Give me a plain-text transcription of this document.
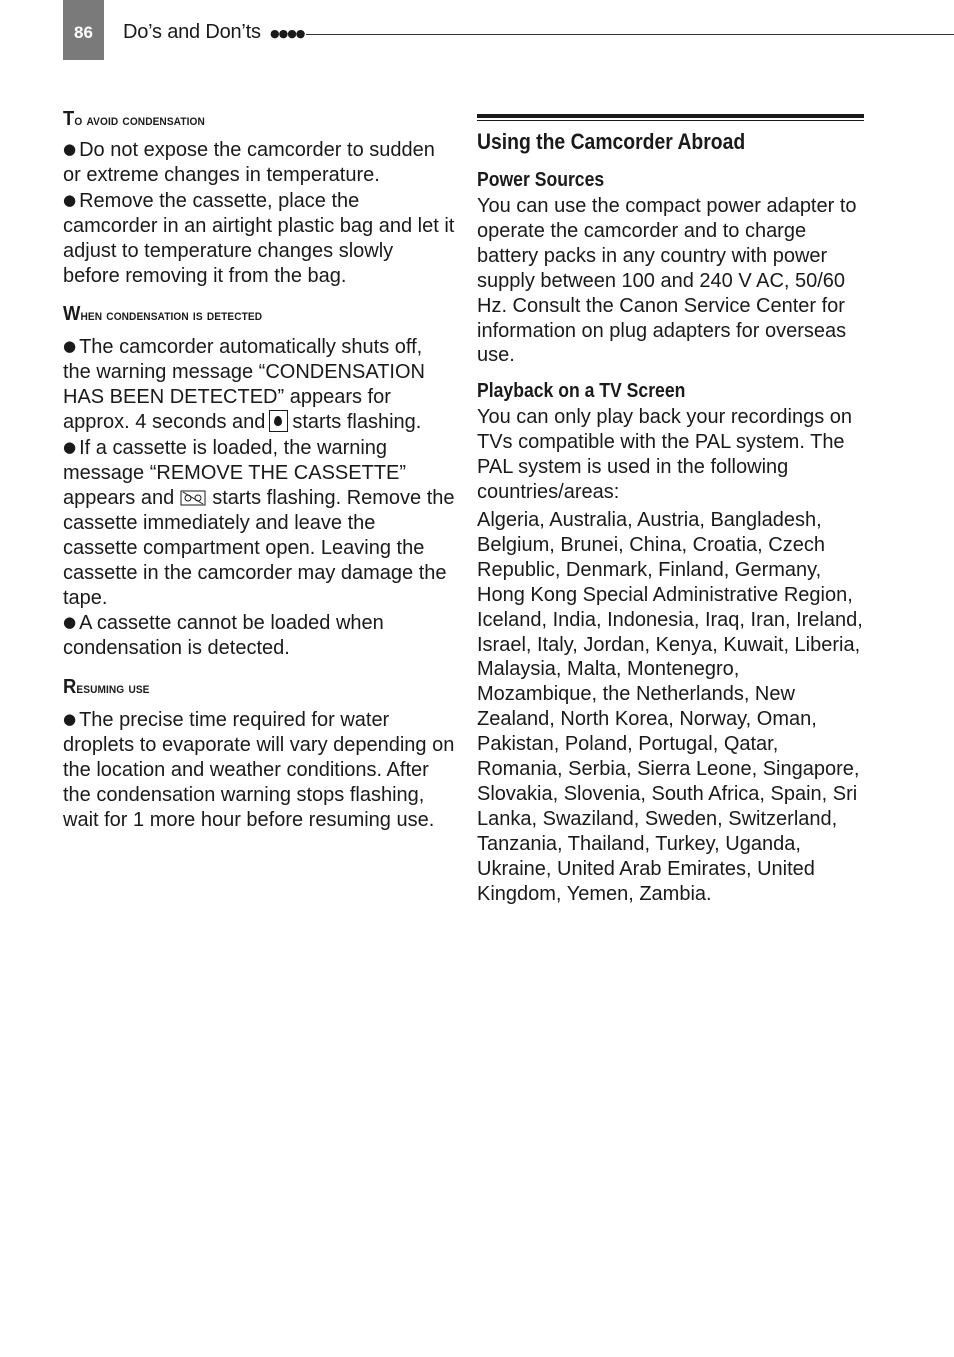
86 Do’s and Don’ts ●●●●
To avoid condensation
● Do not expose the camcorder to sudden or extreme changes in temperature.
● Remove the cassette, place the camcorder in an airtight plastic bag and let it adjust to temperature changes slowly before removing it from the bag.
When condensation is detected
● The camcorder automatically shuts off, the warning message “CONDENSATION HAS BEEN DETECTED” appears for approx. 4 seconds and starts flashing.
● If a cassette is loaded, the warning message “REMOVE THE CASSETTE” appears and starts flashing. Remove the cassette immediately and leave the cassette compartment open. Leaving the cassette in the camcorder may damage the tape.
● A cassette cannot be loaded when condensation is detected.
Resuming use
● The precise time required for water droplets to evaporate will vary depending on the location and weather conditions. After the condensation warning stops flashing, wait for 1 more hour before resuming use.
Using the Camcorder Abroad
Power Sources
You can use the compact power adapter to operate the camcorder and to charge battery packs in any country with power supply between 100 and 240 V AC, 50/60 Hz. Consult the Canon Service Center for information on plug adapters for overseas use.
Playback on a TV Screen
You can only play back your recordings on TVs compatible with the PAL system. The PAL system is used in the following countries/areas:
Algeria, Australia, Austria, Bangladesh, Belgium, Brunei, China, Croatia, Czech Republic, Denmark, Finland, Germany, Hong Kong Special Administrative Region, Iceland, India, Indonesia, Iraq, Iran, Ireland, Israel, Italy, Jordan, Kenya, Kuwait, Liberia, Malaysia, Malta, Montenegro, Mozambique, the Netherlands, New Zealand, North Korea, Norway, Oman, Pakistan, Poland, Portugal, Qatar, Romania, Serbia, Sierra Leone, Singapore, Slovakia, Slovenia, South Africa, Spain, Sri Lanka, Swaziland, Sweden, Switzerland, Tanzania, Thailand, Turkey, Uganda, Ukraine, United Arab Emirates, United Kingdom, Yemen, Zambia.
